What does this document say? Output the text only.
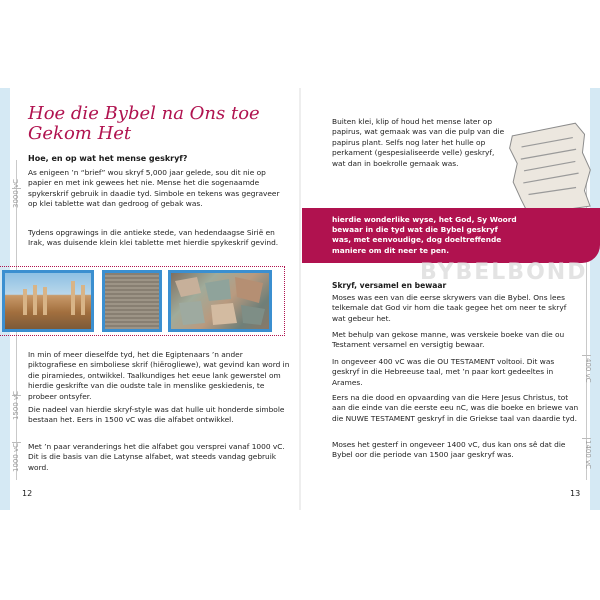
3000 vC
1500 vC
1000 vC
400 vC
1400 vC
Hoe die Bybel na Ons toe Gekom Het
Hoe, en op wat het mense geskryf?

As enigeen ’n “brief” wou skryf 5,000 jaar gelede, sou dit nie op papier en met ink gewees het nie. Mense het die sogenaamde spykerskrif gebruik in daadie tyd. Simbole en tekens was gegraveer op klei tablette wat dan gedroog of gebak was.

Tydens opgrawings in die antieke stede, van hedendaagse Sirië en Irak, was duisende klein klei tablette met hierdie spykeskrif gevind.

In min of meer dieselfde tyd, het die Egiptenaars ’n ander piktografiese en simboliese skrif (hiërogliewe), wat gevind kan word in die piramiedes, ontwikkel. Taalkundiges het eeue lank gewerstel om hierdie geskrifte van die oudste tale in menslike geskiedenis, te probeer ontsyfer.

Die nadeel van hierdie skryf-style was dat hulle uit honderde simbole bestaan het. Eers in 1500 vC was die alfabet ontwikkel.

Met ’n paar veranderings het die alfabet gou versprei vanaf 1000 vC. Dit is die basis van die Latynse alfabet, wat steeds vandag gebruik word.

12

Buiten klei, klip of houd het mense later op papirus, wat gemaak was van die pulp van die papirus plant. Selfs nog later het hulle op perkament (gespesialiseerde velle) geskryf, wat dan in boekrolle gemaak was.

hierdie wonderlike wyse, het God, Sy Woord bewaar in die tyd wat die Bybel geskryf was, met eenvoudige, dog doeltreffende maniere om dit neer te pen.

BYBELBOND
Skryf, versamel en bewaar

Moses was een van die eerse skrywers van die Bybel. Ons lees telkemale dat God vir hom die taak gegee het om neer te skryf wat gebeur het.

Met behulp van gekose manne, was verskeie boeke van die ou Testament versamel en versigtig bewaar.

In ongeveer 400 vC was die OU TESTAMENT voltooi. Dit was geskryf in die Hebreeuse taal, met ’n paar kort gedeeltes in Arames.

Eers na die dood en opvaarding van die Here Jesus Christus, tot aan die einde van die eerste eeu nC, was die boeke en briewe van die NUWE TESTAMENT geskryf in die Griekse taal van daardie tyd.

Moses het gesterf in ongeveer 1400 vC, dus kan ons sê dat die Bybel oor die periode van 1500 jaar geskryf was.

13
